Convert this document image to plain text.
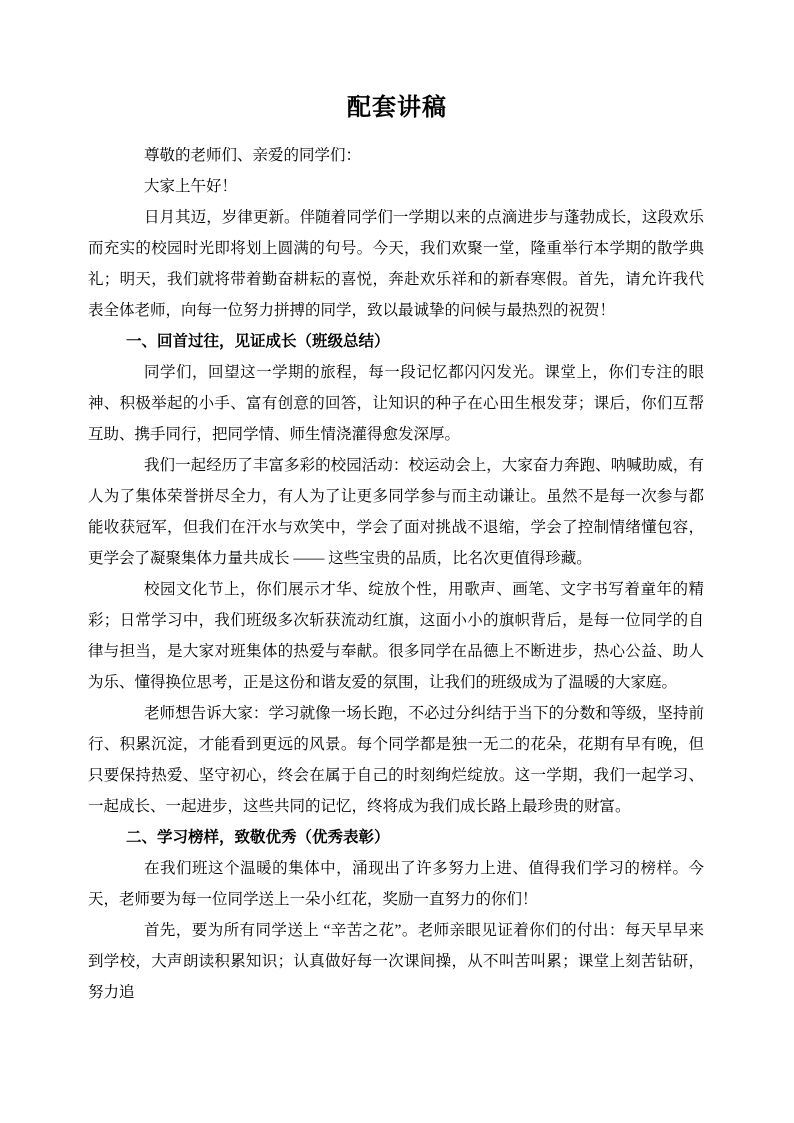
配套讲稿

尊敬的老师们、亲爱的同学们：

大家上午好！

日月其迈，岁律更新。伴随着同学们一学期以来的点滴进步与蓬勃成长，这段欢乐而充实的校园时光即将划上圆满的句号。今天，我们欢聚一堂，隆重举行本学期的散学典礼；明天，我们就将带着勤奋耕耘的喜悦，奔赴欢乐祥和的新春寒假。首先，请允许我代表全体老师，向每一位努力拼搏的同学，致以最诚挚的问候与最热烈的祝贺！

一、回首过往，见证成长（班级总结）

同学们，回望这一学期的旅程，每一段记忆都闪闪发光。课堂上，你们专注的眼神、积极举起的小手、富有创意的回答，让知识的种子在心田生根发芽；课后，你们互帮互助、携手同行，把同学情、师生情浇灌得愈发深厚。

我们一起经历了丰富多彩的校园活动：校运动会上，大家奋力奔跑、呐喊助威，有人为了集体荣誉拼尽全力，有人为了让更多同学参与而主动谦让。虽然不是每一次参与都能收获冠军，但我们在汗水与欢笑中，学会了面对挑战不退缩，学会了控制情绪懂包容，更学会了凝聚集体力量共成长 —— 这些宝贵的品质，比名次更值得珍藏。

校园文化节上，你们展示才华、绽放个性，用歌声、画笔、文字书写着童年的精彩；日常学习中，我们班级多次斩获流动红旗，这面小小的旗帜背后，是每一位同学的自律与担当，是大家对班集体的热爱与奉献。很多同学在品德上不断进步，热心公益、助人为乐、懂得换位思考，正是这份和谐友爱的氛围，让我们的班级成为了温暖的大家庭。

老师想告诉大家：学习就像一场长跑，不必过分纠结于当下的分数和等级，坚持前行、积累沉淀，才能看到更远的风景。每个同学都是独一无二的花朵，花期有早有晚，但只要保持热爱、坚守初心，终会在属于自己的时刻绚烂绽放。这一学期，我们一起学习、一起成长、一起进步，这些共同的记忆，终将成为我们成长路上最珍贵的财富。

二、学习榜样，致敬优秀（优秀表彰）

在我们班这个温暖的集体中，涌现出了许多努力上进、值得我们学习的榜样。今天，老师要为每一位同学送上一朵小红花，奖励一直努力的你们！

首先，要为所有同学送上 “辛苦之花”。老师亲眼见证着你们的付出：每天早早来到学校，大声朗读积累知识；认真做好每一次课间操，从不叫苦叫累；课堂上刻苦钻研，努力追
